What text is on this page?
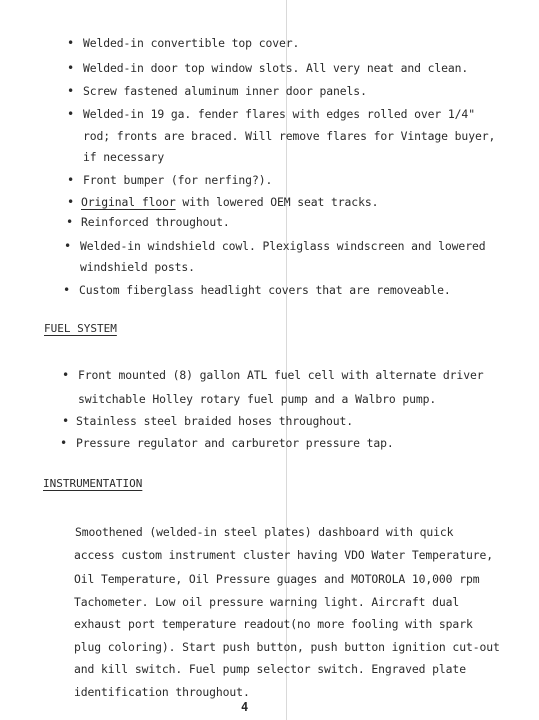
• Welded-in convertible top cover.
• Welded-in door top window slots. All very neat and clean.
• Screw fastened aluminum inner door panels.
• Welded-in 19 ga. fender flares with edges rolled over 1/4"
rod; fronts are braced. Will remove flares for Vintage buyer,
if necessary
• Front bumper (for nerfing?).
• Original floor with lowered OEM seat tracks.
• Reinforced throughout.
• Welded-in windshield cowl. Plexiglass windscreen and lowered
windshield posts.
• Custom fiberglass headlight covers that are removeable.
FUEL SYSTEM
• Front mounted (8) gallon ATL fuel cell with alternate driver
switchable Holley rotary fuel pump and a Walbro pump.
• Stainless steel braided hoses throughout.
• Pressure regulator and carburetor pressure tap.
INSTRUMENTATION
Smoothened (welded-in steel plates) dashboard with quick
access custom instrument cluster having VDO Water Temperature,
Oil Temperature, Oil Pressure guages and MOTOROLA 10,000 rpm
Tachometer. Low oil pressure warning light. Aircraft dual
exhaust port temperature readout(no more fooling with spark
plug coloring). Start push button, push button ignition cut-out
and kill switch. Fuel pump selector switch. Engraved plate
identification throughout.
4
